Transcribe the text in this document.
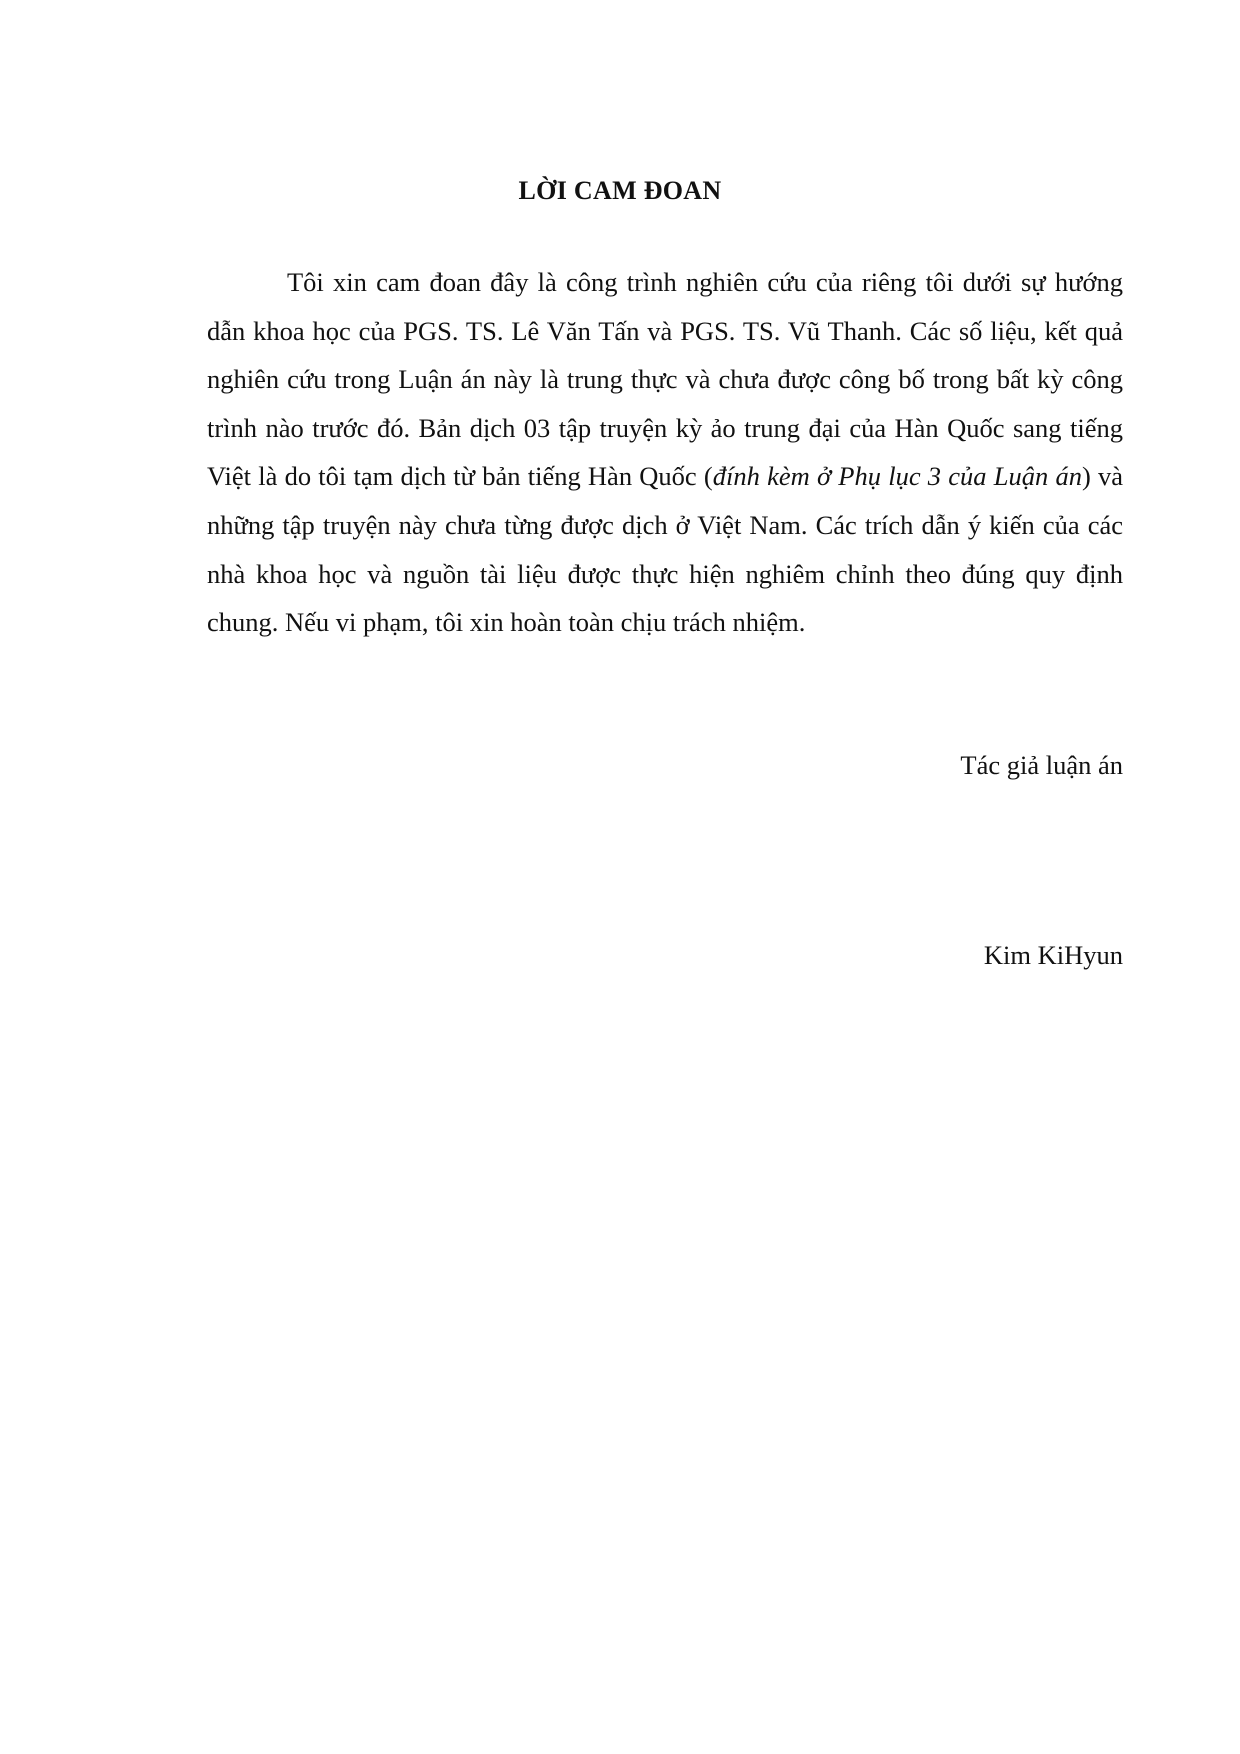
LỜI CAM ĐOAN

Tôi xin cam đoan đây là công trình nghiên cứu của riêng tôi dưới sự hướng dẫn khoa học của PGS. TS. Lê Văn Tấn và PGS. TS. Vũ Thanh. Các số liệu, kết quả nghiên cứu trong Luận án này là trung thực và chưa được công bố trong bất kỳ công trình nào trước đó. Bản dịch 03 tập truyện kỳ ảo trung đại của Hàn Quốc sang tiếng Việt là do tôi tạm dịch từ bản tiếng Hàn Quốc (đính kèm ở Phụ lục 3 của Luận án) và những tập truyện này chưa từng được dịch ở Việt Nam. Các trích dẫn ý kiến của các nhà khoa học và nguồn tài liệu được thực hiện nghiêm chỉnh theo đúng quy định chung. Nếu vi phạm, tôi xin hoàn toàn chịu trách nhiệm.

Tác giả luận án

Kim KiHyun
